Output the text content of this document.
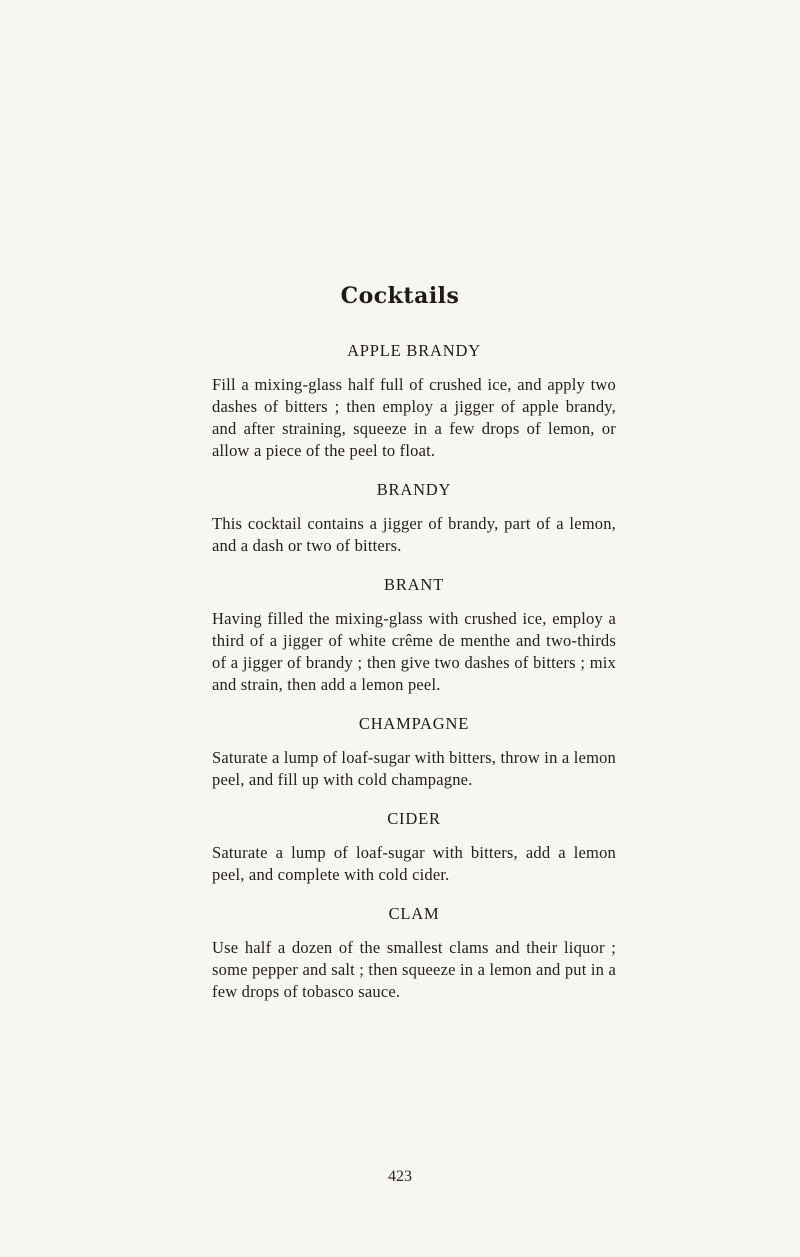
Cocktails
APPLE BRANDY
Fill a mixing-glass half full of crushed ice, and apply two dashes of bitters ; then employ a jigger of apple brandy, and after straining, squeeze in a few drops of lemon, or allow a piece of the peel to float.
BRANDY
This cocktail contains a jigger of brandy, part of a lemon, and a dash or two of bitters.
BRANT
Having filled the mixing-glass with crushed ice, employ a third of a jigger of white crême de menthe and two-thirds of a jigger of brandy ; then give two dashes of bitters ; mix and strain, then add a lemon peel.
CHAMPAGNE
Saturate a lump of loaf-sugar with bitters, throw in a lemon peel, and fill up with cold champagne.
CIDER
Saturate a lump of loaf-sugar with bitters, add a lemon peel, and complete with cold cider.
CLAM
Use half a dozen of the smallest clams and their liquor ; some pepper and salt ; then squeeze in a lemon and put in a few drops of tobasco sauce.
423
